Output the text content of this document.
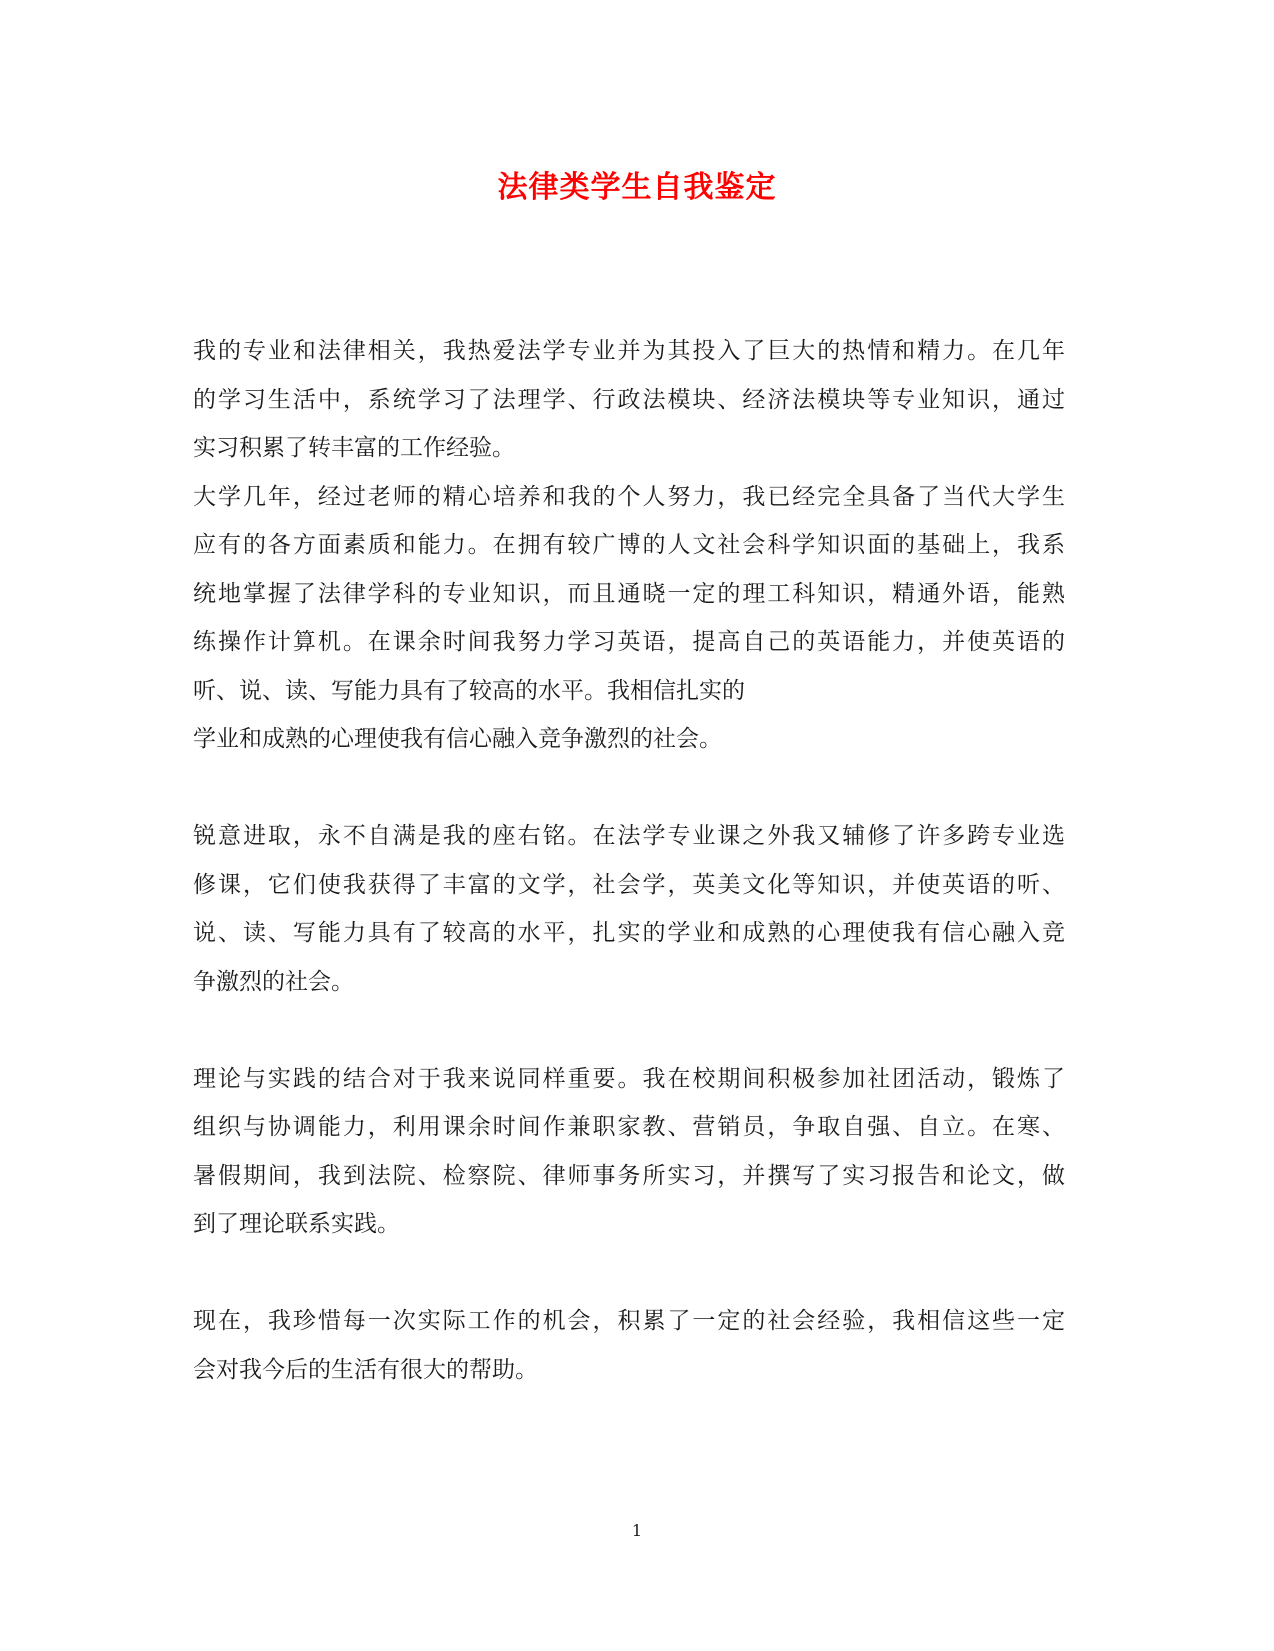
法律类学生自我鉴定
我的专业和法律相关，我热爱法学专业并为其投入了巨大的热情和精力。在几年
的学习生活中，系统学习了法理学、行政法模块、经济法模块等专业知识，通过
实习积累了转丰富的工作经验。
大学几年，经过老师的精心培养和我的个人努力，我已经完全具备了当代大学生
应有的各方面素质和能力。在拥有较广博的人文社会科学知识面的基础上，我系
统地掌握了法律学科的专业知识，而且通晓一定的理工科知识，精通外语，能熟
练操作计算机。在课余时间我努力学习英语，提高自己的英语能力，并使英语的
听、说、读、写能力具有了较高的水平。我相信扎实的
学业和成熟的心理使我有信心融入竞争激烈的社会。
锐意进取，永不自满是我的座右铭。在法学专业课之外我又辅修了许多跨专业选
修课，它们使我获得了丰富的文学，社会学，英美文化等知识，并使英语的听、
说、读、写能力具有了较高的水平，扎实的学业和成熟的心理使我有信心融入竞
争激烈的社会。
理论与实践的结合对于我来说同样重要。我在校期间积极参加社团活动，锻炼了
组织与协调能力，利用课余时间作兼职家教、营销员，争取自强、自立。在寒、
暑假期间，我到法院、检察院、律师事务所实习，并撰写了实习报告和论文，做
到了理论联系实践。
现在，我珍惜每一次实际工作的机会，积累了一定的社会经验，我相信这些一定
会对我今后的生活有很大的帮助。
1
